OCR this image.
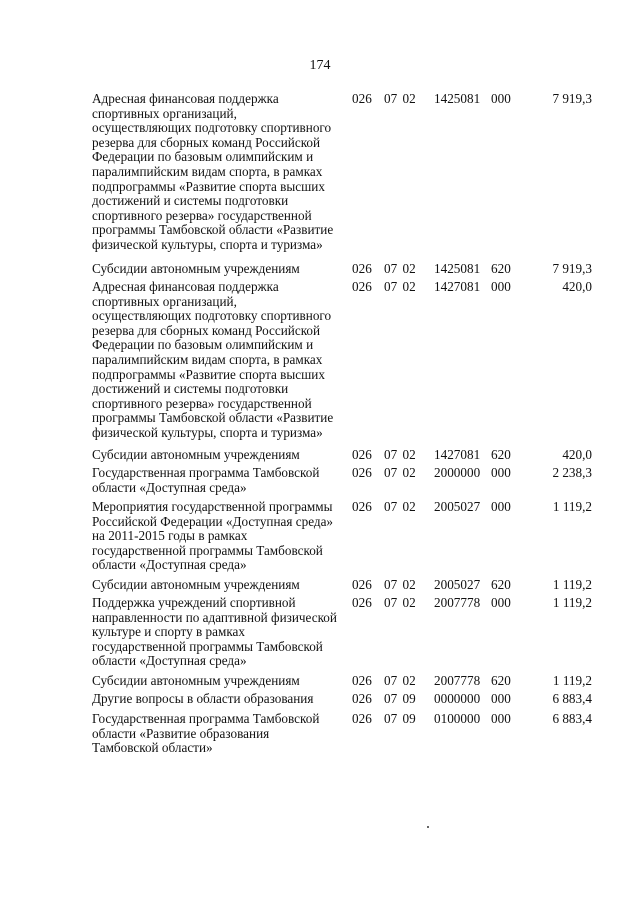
174
Адресная финансовая поддержка
спортивных организаций,
осуществляющих подготовку спортивного
резерва для сборных команд Российской
Федерации по базовым олимпийским и
паралимпийским видам спорта, в рамках
подпрограммы «Развитие спорта высших
достижений и системы подготовки
спортивного резерва» государственной
программы Тамбовской области «Развитие
физической культуры, спорта и туризма»
026 07 02 1425081 000	7 919,3
Субсидии автономным учреждениям	026 07 02 1425081 620	7 919,3
Адресная финансовая поддержка
спортивных организаций,
осуществляющих подготовку спортивного
резерва для сборных команд Российской
Федерации по базовым олимпийским и
паралимпийским видам спорта, в рамках
подпрограммы «Развитие спорта высших
достижений и системы подготовки
спортивного резерва» государственной
программы Тамбовской области «Развитие
физической культуры, спорта и туризма»
026 07 02 1427081 000	420,0
Субсидии автономным учреждениям	026 07 02 1427081 620	420,0
Государственная программа Тамбовской
области «Доступная среда»
026 07 02 2000000 000	2 238,3
Мероприятия государственной программы
Российской Федерации «Доступная среда»
на 2011-2015 годы в рамках
государственной программы Тамбовской
области «Доступная среда»
026 07 02 2005027 000	1 119,2
Субсидии автономным учреждениям	026 07 02 2005027 620	1 119,2
Поддержка учреждений спортивной
направленности по адаптивной физической
культуре и спорту в рамках
государственной программы Тамбовской
области «Доступная среда»
026 07 02 2007778 000	1 119,2
Субсидии автономным учреждениям	026 07 02 2007778 620	1 119,2
Другие вопросы в области образования	026 07 09 0000000 000	6 883,4
Государственная программа Тамбовской
области «Развитие образования
Тамбовской области»
026 07 09 0100000 000	6 883,4
